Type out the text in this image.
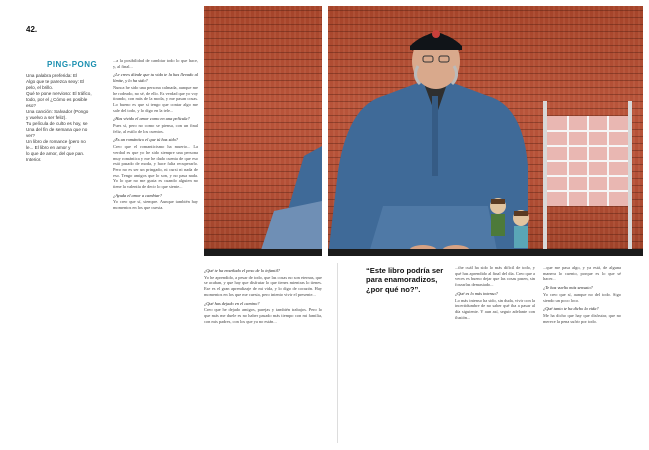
42.
PING-PONG

Una palabra preferida: El

Algo que te parezca sexy: El

pelo, el brillo.

Qué te pone nervioso: El tráfico,

todo, por el ¿Cómo es posible

eso?

Una canción: Salvador (Pongo

y vuelvo a ser feliz).

Tu película de culto es hoy, se

Una del fin de semana que no

ver?

Un libro de romance (pero no

le... El libro en amor y

lo que de amor, del que pan.

Interior.

...a la posibilidad de cambiar todo lo que hace, y, al final...

¿Le crees dónde que tu vida te la has llevado al límite, y lo ha sido?

Nunca he sido una persona calmada, aunque me he rodeado, no sé, de ello. Es verdad que yo voy tirando, con más de la moda, y me pasan cosas. Lo bueno es que si tengo que contar algo me sale del todo, y lo digo en la tele...

¿Has vivido el amor como en una película?

Pues sí, pero no como se piensa, con un final feliz, al estilo de los cuentos.

¿Es un romántico el que tú has sido?

Creo que el romanticismo ha muerto... La verdad es que yo he sido siempre una persona muy romántica y me he dado cuenta de que eso está pasado de moda, y hace falta recuperarlo. Pero no es ser un pringado, ni cursi ni nada de eso. Tengo amigos que lo son, y no pasa nada. Yo lo que no me gusta es cuando alguien no tiene la valentía de decir lo que siente...

¿Ayuda el amor a cambiar?

Yo creo que sí, siempre. Aunque también hay momentos en los que cuesta.

¿Qué te ha enseñado el peso de lo infantil?

Yo he aprendido, a pesar de todo, que las cosas no son eternas, que se acaban, y que hay que disfrutar lo que tienes mientras lo tienes. Ese es el gran aprendizaje de mi vida, y lo digo de corazón. Hay momentos en los que me cuesta, pero intento vivir el presente...

¿Qué has dejado en el camino?

Creo que he dejado amigos, parejas y también trabajos. Pero lo que más me duele es no haber pasado más tiempo con mi familia, con mis padres, con los que ya no están...

“Este libro podría ser para enamoradizos, ¿por qué no?”.

...the cuál ha sido lo más difícil de todo, y qué has aprendido al final del día. Creo que a veces es bueno dejar que las cosas pasen, sin forzarlas demasiado...

¿Qué es lo más intenso?

Lo más intenso ha sido, sin duda, vivir con la incertidumbre de no saber qué iba a pasar al día siguiente. Y aun así, seguir adelante con ilusión...

...que me pasa algo, y ya está, de alguna manera lo cuento, porque es lo que sé hacer...

¿Te has vuelto más sensato?

Yo creo que sí, aunque no del todo. Sigo siendo un poco loco.

¿Qué tanto te ha dicho la vida?

Me ha dicho que hay que disfrutar, que no merece la pena sufrir por todo.
